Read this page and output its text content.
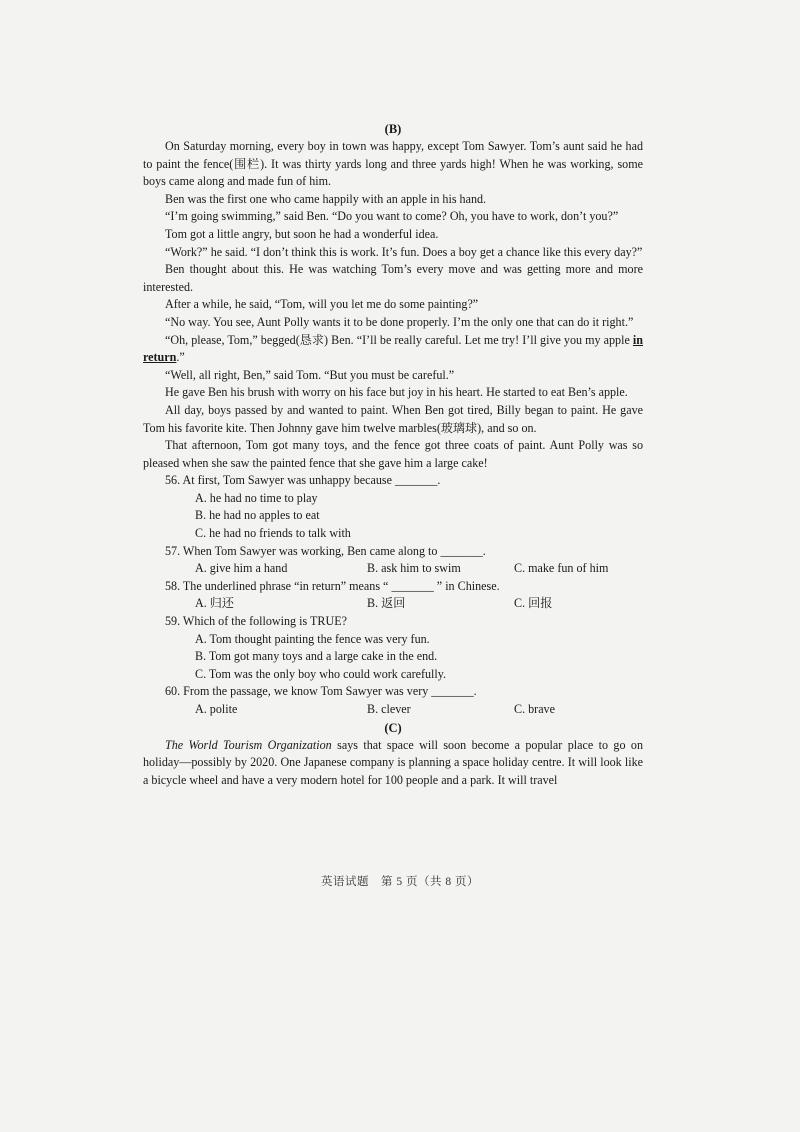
(B)

On Saturday morning, every boy in town was happy, except Tom Sawyer. Tom’s aunt said he had to paint the fence(围栏). It was thirty yards long and three yards high! When he was working, some boys came along and made fun of him.

Ben was the first one who came happily with an apple in his hand.

“I’m going swimming,” said Ben. “Do you want to come? Oh, you have to work, don’t you?”

Tom got a little angry, but soon he had a wonderful idea.

“Work?” he said. “I don’t think this is work. It’s fun. Does a boy get a chance like this every day?”

Ben thought about this. He was watching Tom’s every move and was getting more and more interested.

After a while, he said, “Tom, will you let me do some painting?”

“No way. You see, Aunt Polly wants it to be done properly. I’m the only one that can do it right.”

“Oh, please, Tom,” begged(恳求) Ben. “I’ll be really careful. Let me try! I’ll give you my apple in return.”

“Well, all right, Ben,” said Tom. “But you must be careful.”

He gave Ben his brush with worry on his face but joy in his heart. He started to eat Ben’s apple.

All day, boys passed by and wanted to paint. When Ben got tired, Billy began to paint. He gave Tom his favorite kite. Then Johnny gave him twelve marbles(玻璃球), and so on.

That afternoon, Tom got many toys, and the fence got three coats of paint. Aunt Polly was so pleased when she saw the painted fence that she gave him a large cake!

56. At first, Tom Sawyer was unhappy because _______.

A. he had no time to play

B. he had no apples to eat

C. he had no friends to talk with

57. When Tom Sawyer was working, Ben came along to _______.

A. give him a hand	B. ask him to swim	C. make fun of him

58. The underlined phrase “in return” means “ _______ ” in Chinese.

A. 归还	B. 返回	C. 回报

59. Which of the following is TRUE?

A. Tom thought painting the fence was very fun.

B. Tom got many toys and a large cake in the end.

C. Tom was the only boy who could work carefully.

60. From the passage, we know Tom Sawyer was very _______.

A. polite	B. clever	C. brave
(C)

The World Tourism Organization says that space will soon become a popular place to go on holiday—possibly by 2020. One Japanese company is planning a space holiday centre. It will look like a bicycle wheel and have a very modern hotel for 100 people and a park. It will travel

英语试题　第 5 页（共 8 页）
